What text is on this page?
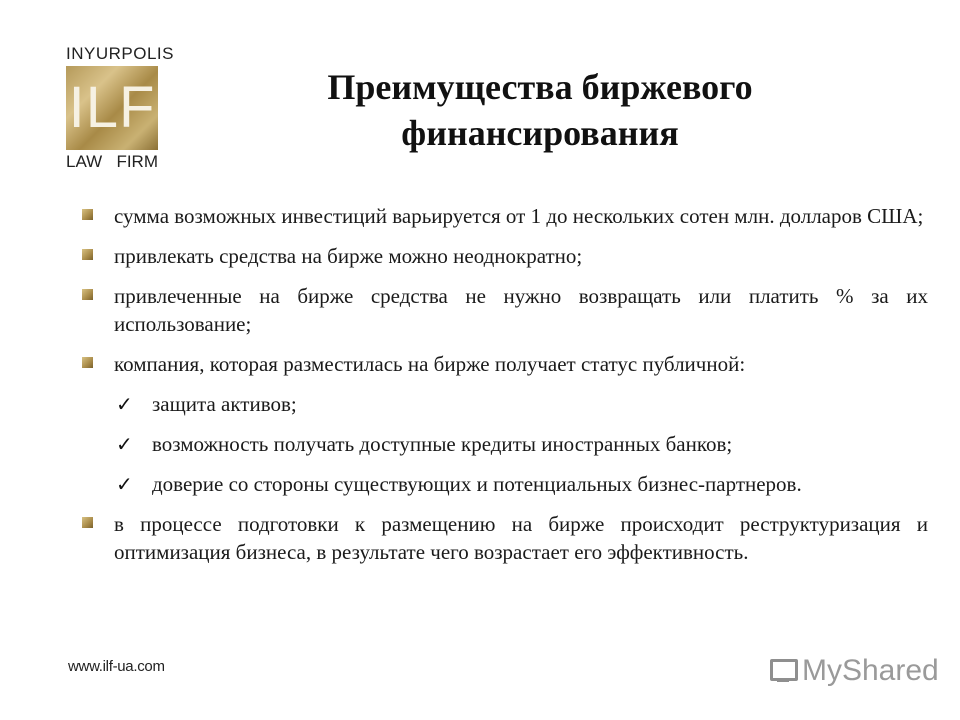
INYURPOLIS
ILF
LAW FIRM
Преимущества биржевого финансирования
сумма возможных инвестиций варьируется от 1 до нескольких сотен млн. долларов США;
привлекать средства на бирже можно неоднократно;
привлеченные на бирже средства не нужно возвращать или платить % за их использование;
компания, которая разместилась на бирже получает статус публичной:
✓ защита активов;
✓ возможность получать доступные кредиты иностранных банков;
✓ доверие со стороны существующих и потенциальных бизнес-партнеров.
в процессе подготовки к размещению на бирже происходит реструктуризация и оптимизация бизнеса, в результате чего возрастает его эффективность.
www.ilf-ua.com	MyShared
